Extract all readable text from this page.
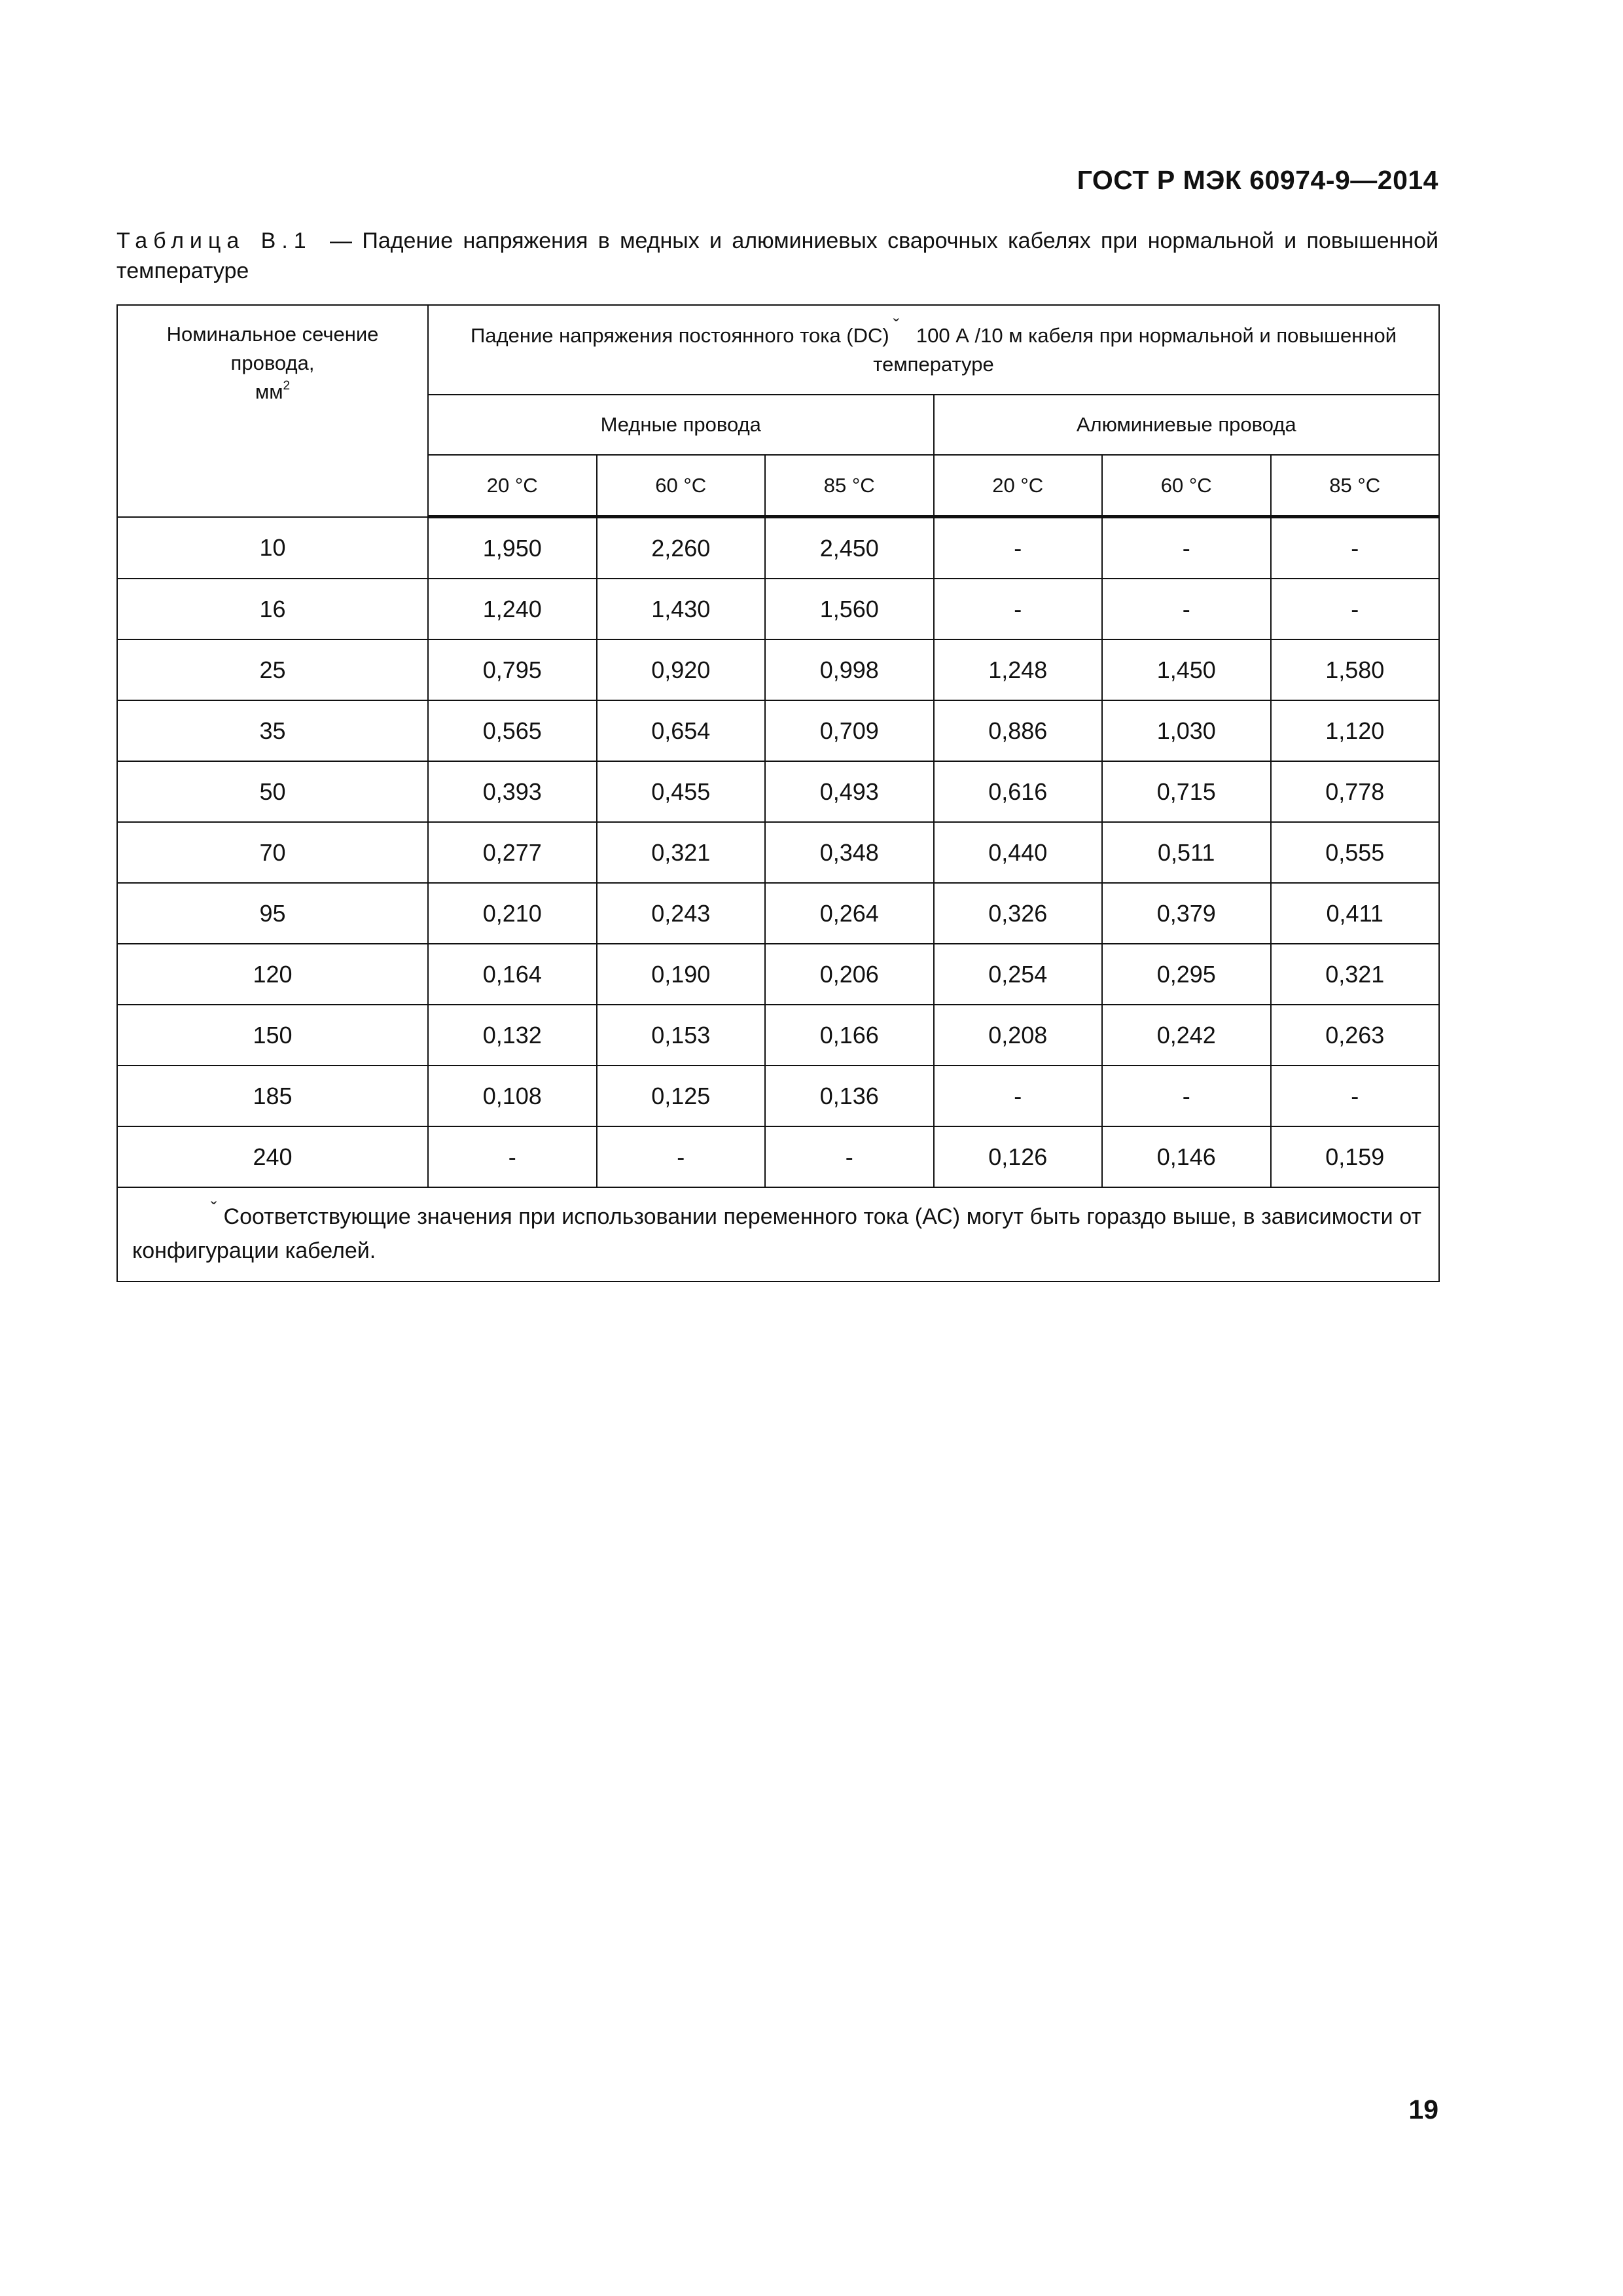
ГОСТ Р МЭК 60974-9—2014
Таблица В.1 — Падение напряжения в медных и алюминиевых сварочных кабелях при нормальной и повышенной температуре
Номинальное сечение
провода,
$мм^2$	Падение напряжения постоянного тока (DC) ˇ 100 А /10 м кабеля при нормальной и повышенной температуре					
	Медные провода			Алюминиевые провода		
	20 °C	60 °C	85 °C	20 °C	60 °C	85 °C
10	1,950	2,260	2,450	-	-	-
16	1,240	1,430	1,560	-	-	-
25	0,795	0,920	0,998	1,248	1,450	1,580
35	0,565	0,654	0,709	0,886	1,030	1,120
50	0,393	0,455	0,493	0,616	0,715	0,778
70	0,277	0,321	0,348	0,440	0,511	0,555
95	0,210	0,243	0,264	0,326	0,379	0,411
120	0,164	0,190	0,206	0,254	0,295	0,321
150	0,132	0,153	0,166	0,208	0,242	0,263
185	0,108	0,125	0,136	-	-	-
240	-	-	-	0,126	0,146	0,159
$^ˇ$ Соответствующие значения при использовании переменного тока (АС) могут быть гораздо выше, в зависимости от конфигурации кабелей.						
19
